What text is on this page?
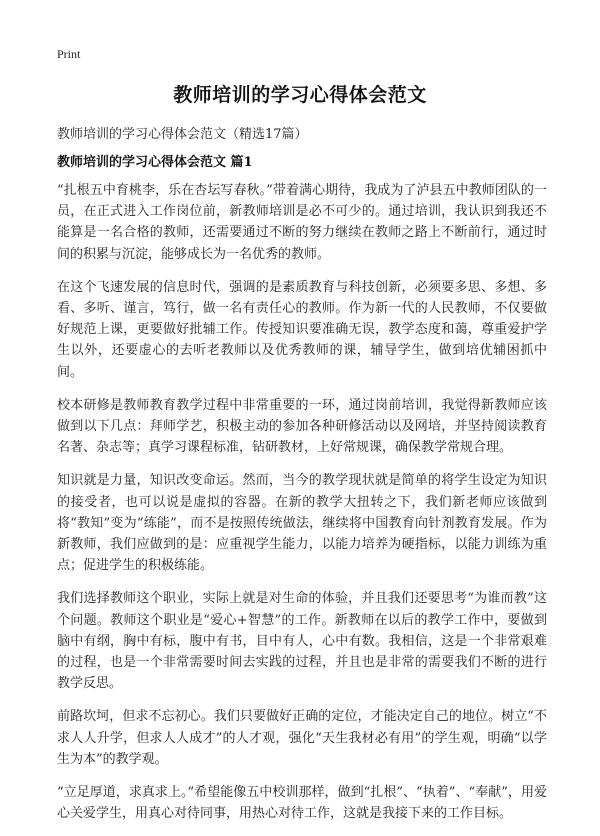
Print
教师培训的学习心得体会范文
教师培训的学习心得体会范文（精选17篇）
教师培训的学习心得体会范文 篇1

“扎根五中育桃李，乐在杏坛写春秋。”带着满心期待，我成为了泸县五中教师团队的一员，在正式进入工作岗位前，新教师培训是必不可少的。通过培训，我认识到我还不能算是一名合格的教师，还需要通过不断的努力继续在教师之路上不断前行，通过时间的积累与沉淀，能够成长为一名优秀的教师。

在这个飞速发展的信息时代，强调的是素质教育与科技创新，必须要多思、多想、多看、多听、谨言，笃行，做一名有责任心的教师。作为新一代的人民教师，不仅要做好规范上课，更要做好批辅工作。传授知识要准确无误，教学态度和蔼，尊重爱护学生以外，还要虚心的去听老教师以及优秀教师的课，辅导学生，做到培优辅困抓中间。

校本研修是教师教育教学过程中非常重要的一环，通过岗前培训，我觉得新教师应该做到以下几点：拜师学艺，积极主动的参加各种研修活动以及网培，并坚持阅读教育名著、杂志等；真学习课程标准，钻研教材，上好常规课，确保教学常规合理。

知识就是力量，知识改变命运。然而，当今的教学现状就是简单的将学生设定为知识的接受者，也可以说是虚拟的容器。在新的教学大扭转之下，我们新老师应该做到将“教知”变为“练能”，而不是按照传统做法，继续将中国教育向针剂教育发展。作为新教师，我们应做到的是：应重视学生能力，以能力培养为硬指标，以能力训练为重点；促进学生的积极练能。

我们选择教师这个职业，实际上就是对生命的体验，并且我们还要思考“为谁而教”这个问题。教师这个职业是“爱心+智慧”的工作。新教师在以后的教学工作中，要做到脑中有纲，胸中有标，腹中有书，目中有人，心中有数。我相信，这是一个非常艰难的过程，也是一个非常需要时间去实践的过程，并且也是非常的需要我们不断的进行教学反思。

前路坎坷，但求不忘初心。我们只要做好正确的定位，才能决定自己的地位。树立“不求人人升学，但求人人成才”的人才观，强化“天生我材必有用”的学生观，明确“以学生为本”的教学观。

“立足厚道，求真求上。”希望能像五中校训那样，做到“扎根”、“执着”、“奉献”，用爱心关爱学生，用真心对待同事，用热心对待工作，这就是我接下来的工作目标。
